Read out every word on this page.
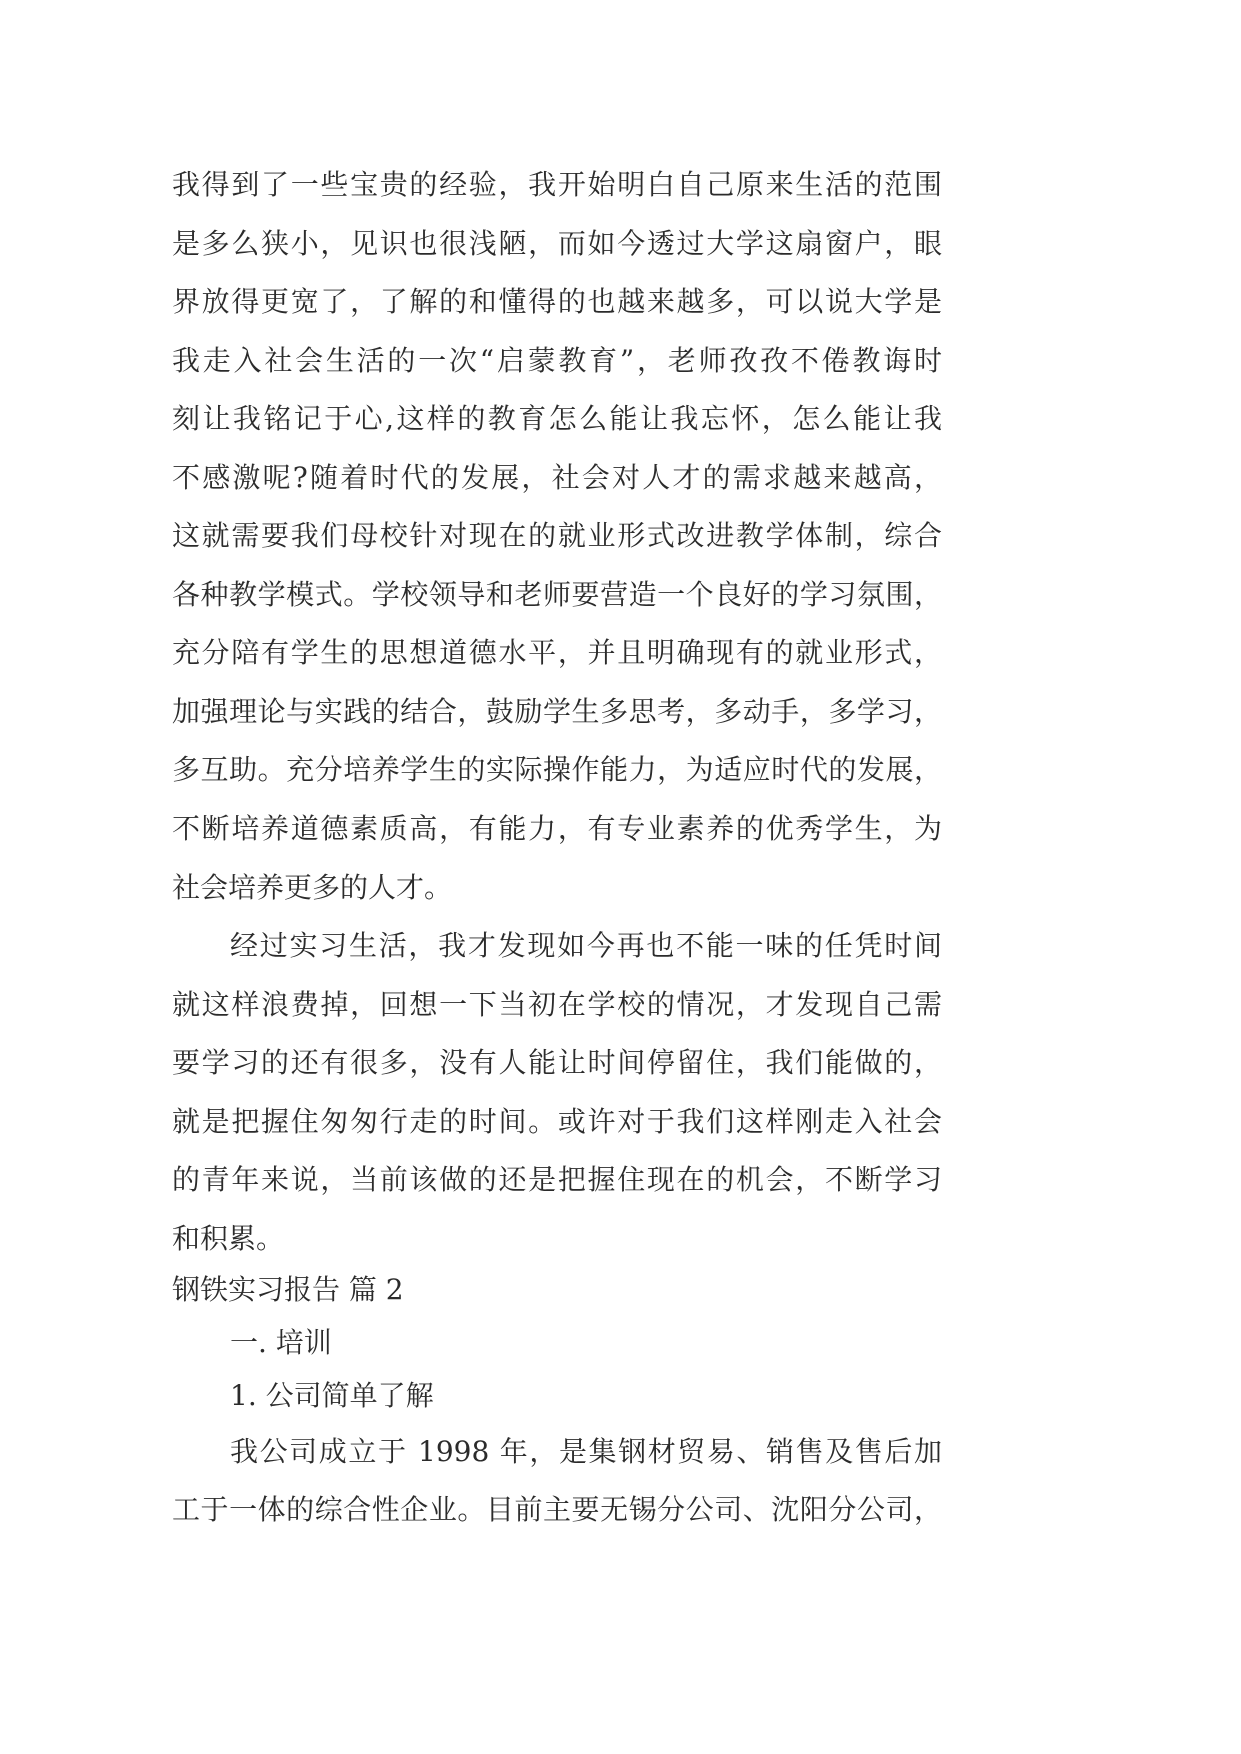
我得到了一些宝贵的经验，我开始明白自己原来生活的范围
是多么狭小，见识也很浅陋，而如今透过大学这扇窗户，眼
界放得更宽了，了解的和懂得的也越来越多，可以说大学是
我走入社会生活的一次“启蒙教育”，老师孜孜不倦教诲时
刻让我铭记于心,这样的教育怎么能让我忘怀，怎么能让我
不感激呢?随着时代的发展，社会对人才的需求越来越高，
这就需要我们母校针对现在的就业形式改进教学体制，综合
各种教学模式。学校领导和老师要营造一个良好的学习氛围，
充分陪有学生的思想道德水平，并且明确现有的就业形式，
加强理论与实践的结合，鼓励学生多思考，多动手，多学习，
多互助。充分培养学生的实际操作能力，为适应时代的发展，
不断培养道德素质高，有能力，有专业素养的优秀学生，为
社会培养更多的人才。
经过实习生活，我才发现如今再也不能一味的任凭时间
就这样浪费掉，回想一下当初在学校的情况，才发现自己需
要学习的还有很多，没有人能让时间停留住，我们能做的，
就是把握住匆匆行走的时间。或许对于我们这样刚走入社会
的青年来说，当前该做的还是把握住现在的机会，不断学习
和积累。
钢铁实习报告 篇 2
一. 培训
1. 公司简单了解
我公司成立于 1998 年，是集钢材贸易、销售及售后加
工于一体的综合性企业。目前主要无锡分公司、沈阳分公司，
